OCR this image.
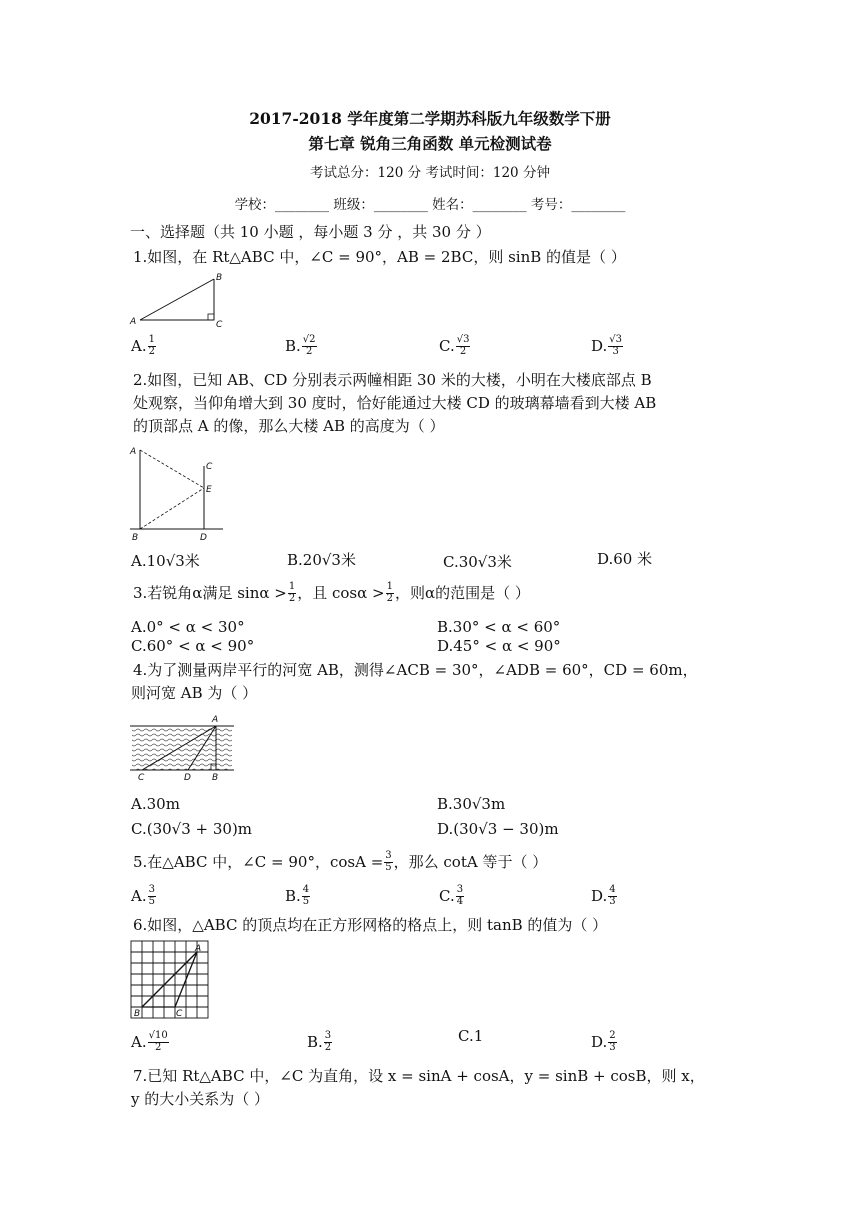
2017-2018 学年度第二学期苏科版九年级数学下册
第七章 锐角三角函数 单元检测试卷
考试总分：120 分 考试时间：120 分钟
学校：________ 班级：________ 姓名：________ 考号：________
一、选择题（共 10 小题 ，每小题 3 分 ，共 30 分 ）
1.如图，在 Rt△ABC 中，∠C = 90°，AB = 2BC，则 sinB 的值是（ ）
A
B
C
A. $\frac{1}{2}$	B. $\frac{√2}{2}$	C. $\frac{√3}{2}$	D. $\frac{√3}{3}$
2.如图，已知 AB、CD 分别表示两幢相距 30 米的大楼，小明在大楼底部点 B
处观察，当仰角增大到 30 度时，恰好能通过大楼 CD 的玻璃幕墙看到大楼 AB
的顶部点 A 的像，那么大楼 AB 的高度为（ ）
A
B
C
D
E
A.10√3米	B.20√3米	C.30√3米	D.60 米
3.若锐角α满足 $\sin\alpha > \frac{1}{2}$ ，且 $\cos\alpha > \frac{1}{2}$ ，则α的范围是（ ）
A.0° < α < 30°	B.30° < α < 60°
C.60° < α < 90°	D.45° < α < 90°
4.为了测量两岸平行的河宽 AB，测得∠ACB = 30°，∠ADB = 60°，CD = 60m，
则河宽 AB 为（ ）
A
B
C	D
A.30m	B.30√3m
C.(30√3 + 30)m	D.(30√3 − 30)m
5.在△ABC 中，∠C = 90°，$\cos A = \frac{3}{5}$ ，那么 cotA 等于（ ）
A. $\frac{3}{5}$	B. $\frac{4}{5}$	C. $\frac{3}{4}$	D. $\frac{4}{3}$
6.如图，△ABC 的顶点均在正方形网格的格点上，则 tanB 的值为（ ）
A
B	C
A. $\frac{√10}{2}$	B. $\frac{3}{2}$	C.1	D. $\frac{2}{3}$
7.已知 Rt△ABC 中，∠C 为直角，设 x = sinA + cosA，y = sinB + cosB，则 x，
y 的大小关系为（ ）
